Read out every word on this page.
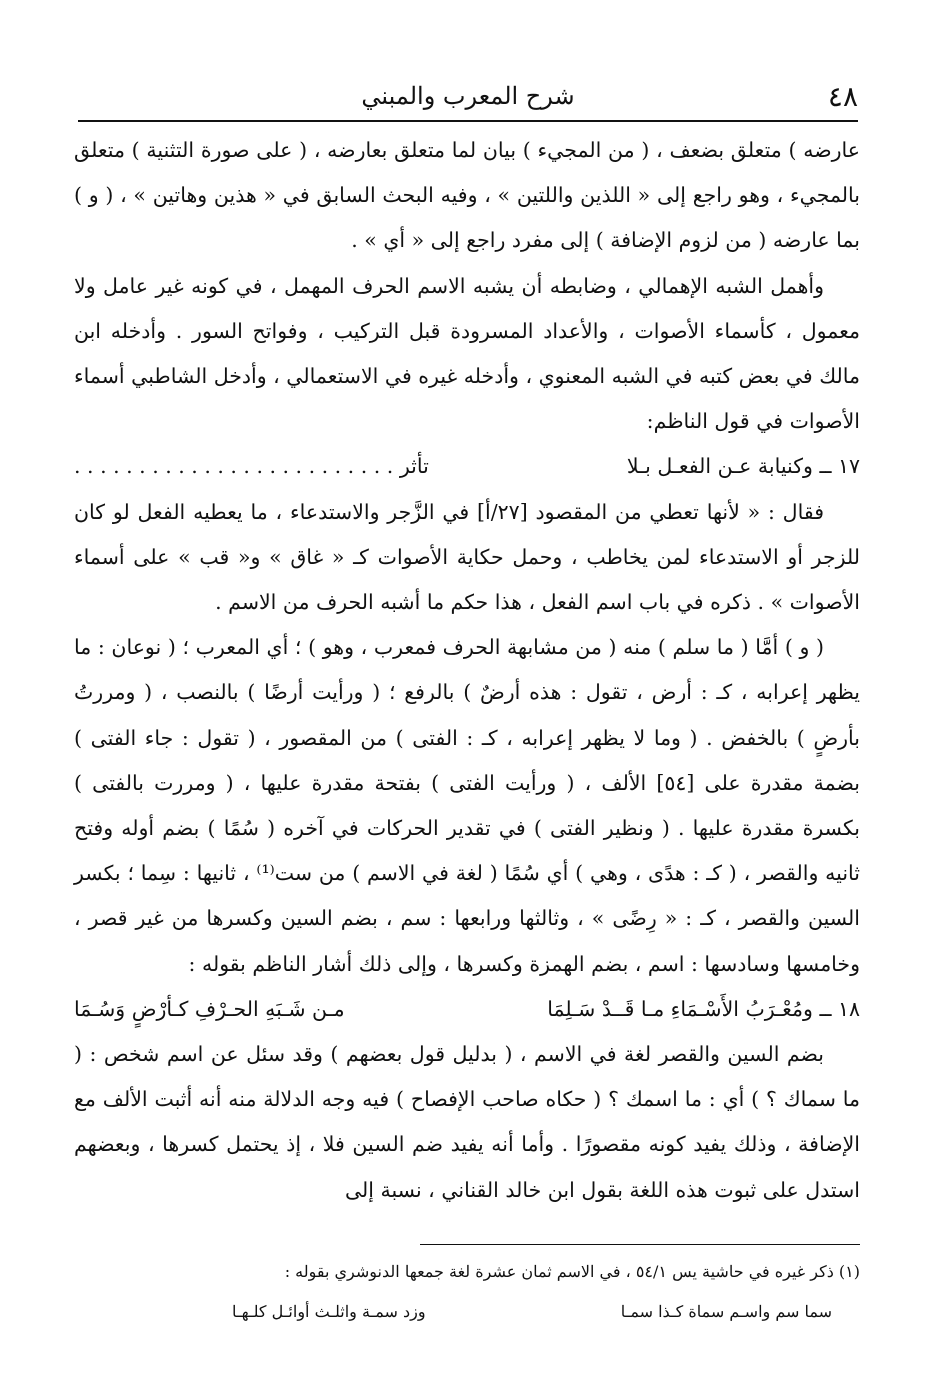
٤٨
شرح المعرب والمبني

عارضه ) متعلق بضعف ، ( من المجيء ) بيان لما متعلق بعارضه ، ( على صورة التثنية ) متعلق بالمجيء ، وهو راجع إلى « اللذين واللتين » ، وفيه البحث السابق في « هذين وهاتين » ، ( و ) بما عارضه ( من لزوم الإضافة ) إلى مفرد راجع إلى « أي » .

وأهمل الشبه الإهمالي ، وضابطه أن يشبه الاسم الحرف المهمل ، في كونه غير عامل ولا معمول ، كأسماء الأصوات ، والأعداد المسرودة قبل التركيب ، وفواتح السور . وأدخله ابن مالك في بعض كتبه في الشبه المعنوي ، وأدخله غيره في الاستعمالي ، وأدخل الشاطبي أسماء الأصوات في قول الناظم:

١٧ ــ وكنيابة عـن الفعـل بـلا
تأثر . . . . . . . . . . . . . . . . . . . . . . . . .

فقال : « لأنها تعطي من المقصود [٢٧/أ] في الزَّجر والاستدعاء ، ما يعطيه الفعل لو كان للزجر أو الاستدعاء لمن يخاطب ، وحمل حكاية الأصوات كـ « غاق » و« قب » على أسماء الأصوات » . ذكره في باب اسم الفعل ، هذا حكم ما أشبه الحرف من الاسم .

( و ) أمَّا ( ما سلم ) منه ( من مشابهة الحرف فمعرب ، وهو ) ؛ أي المعرب ؛ ( نوعان : ما يظهر إعرابه ، كـ : أرض ، تقول : هذه أرضٌ ) بالرفع ؛ ( ورأيت أرضًا ) بالنصب ، ( ومررتُ بأرضٍ ) بالخفض . ( وما لا يظهر إعرابه ، كـ : الفتى ) من المقصور ، ( تقول : جاء الفتى ) بضمة مقدرة على [٥٤] الألف ، ( ورأيت الفتى ) بفتحة مقدرة عليها ، ( ومررت بالفتى ) بكسرة مقدرة عليها . ( ونظير الفتى ) في تقدير الحركات في آخره ( سُمًا ) بضم أوله وفتح ثانيه والقصر ، ( كـ : هدًى ، وهي ) أي سُمًا ( لغة في الاسم ) من ست⁽¹⁾ ، ثانيها : سِما ؛ بكسر السين والقصر ، كـ : « رِضًى » ، وثالثها ورابعها : سم ، بضم السين وكسرها من غير قصر ، وخامسها وسادسها : اسم ، بضم الهمزة وكسرها ، وإلى ذلك أشار الناظم بقوله :

١٨ ــ ومُعْـرَبُ الأَسْـمَاءِ مـا قَــدْ سَـلِمَا
مـن شَـبَهِ الحـرْفِ كـأرْضٍ وَسُـمَا

بضم السين والقصر لغة في الاسم ، ( بدليل قول بعضهم ) وقد سئل عن اسم شخص : ( ما سماك ؟ ) أي : ما اسمك ؟ ( حكاه صاحب الإفصاح ) فيه وجه الدلالة منه أنه أثبت الألف مع الإضافة ، وذلك يفيد كونه مقصورًا . وأما أنه يفيد ضم السين فلا ، إذ يحتمل كسرها ، وبعضهم استدل على ثبوت هذه اللغة بقول ابن خالد القناني ، نسبة إلى

(١) ذكر غيره في حاشية يس ٥٤/١ ، في الاسم ثمان عشرة لغة جمعها الدنوشري بقوله :

سما سم واسـم سماة كـذا سمـا
وزد سمـة واثلـث أوائـل كلـهـا
